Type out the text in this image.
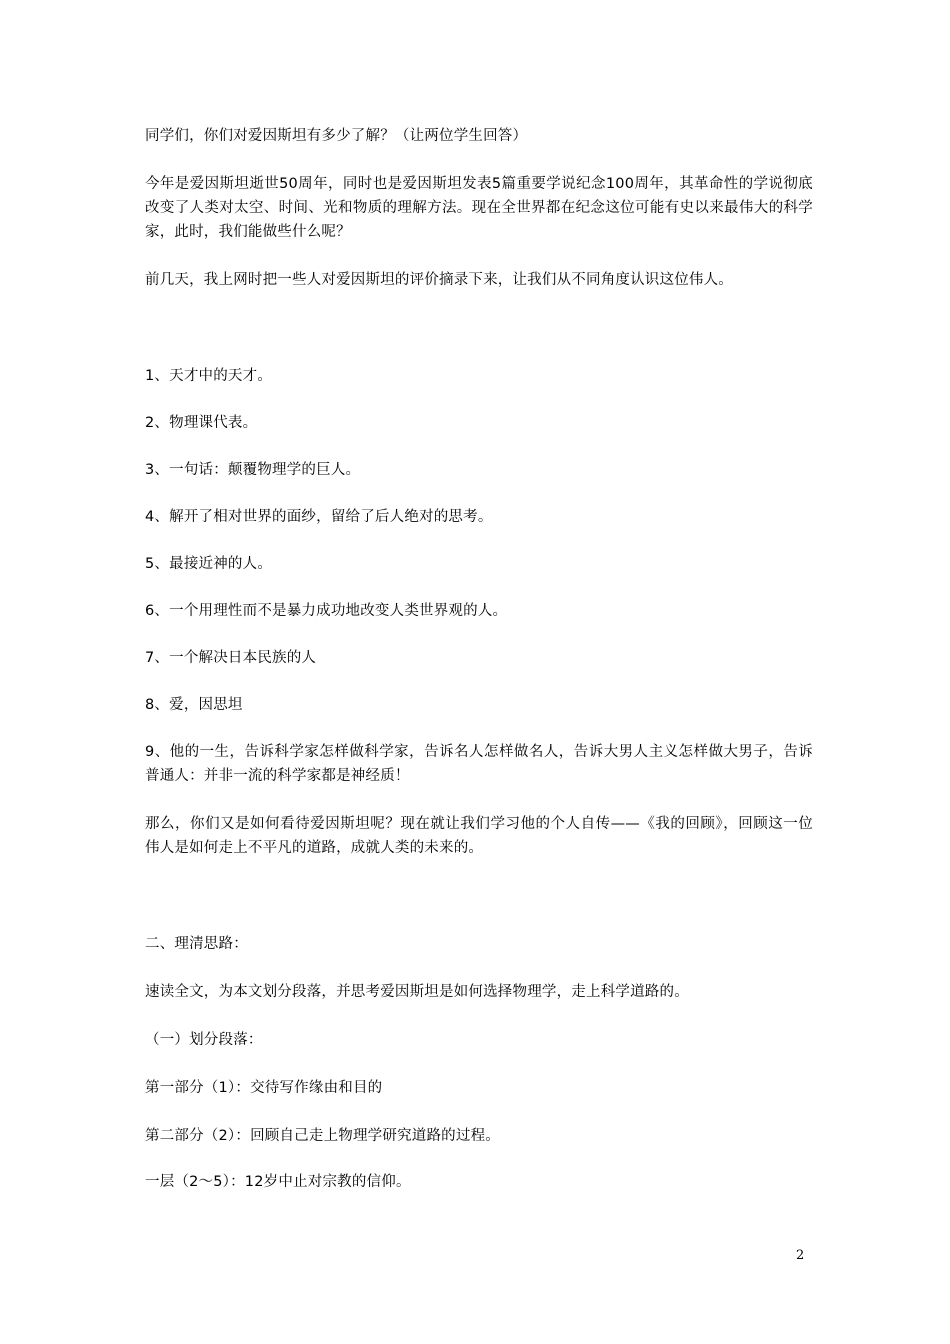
同学们，你们对爱因斯坦有多少了解？（让两位学生回答）
今年是爱因斯坦逝世50周年，同时也是爱因斯坦发表5篇重要学说纪念100周年，其革命性的学说彻底改变了人类对太空、时间、光和物质的理解方法。现在全世界都在纪念这位可能有史以来最伟大的科学家，此时，我们能做些什么呢？
前几天，我上网时把一些人对爱因斯坦的评价摘录下来，让我们从不同角度认识这位伟人。
1、天才中的天才。
2、物理课代表。
3、一句话：颠覆物理学的巨人。
4、解开了相对世界的面纱，留给了后人绝对的思考。
5、最接近神的人。
6、一个用理性而不是暴力成功地改变人类世界观的人。
7、一个解决日本民族的人
8、爱，因思坦
9、他的一生，告诉科学家怎样做科学家，告诉名人怎样做名人，告诉大男人主义怎样做大男子，告诉普通人：并非一流的科学家都是神经质！
那么，你们又是如何看待爱因斯坦呢？现在就让我们学习他的个人自传——《我的回顾》，回顾这一位伟人是如何走上不平凡的道路，成就人类的未来的。
二、理清思路：
速读全文，为本文划分段落，并思考爱因斯坦是如何选择物理学，走上科学道路的。
（一）划分段落：
第一部分（1）：交待写作缘由和目的
第二部分（2）：回顾自己走上物理学研究道路的过程。
一层（2～5）：12岁中止对宗教的信仰。
2
